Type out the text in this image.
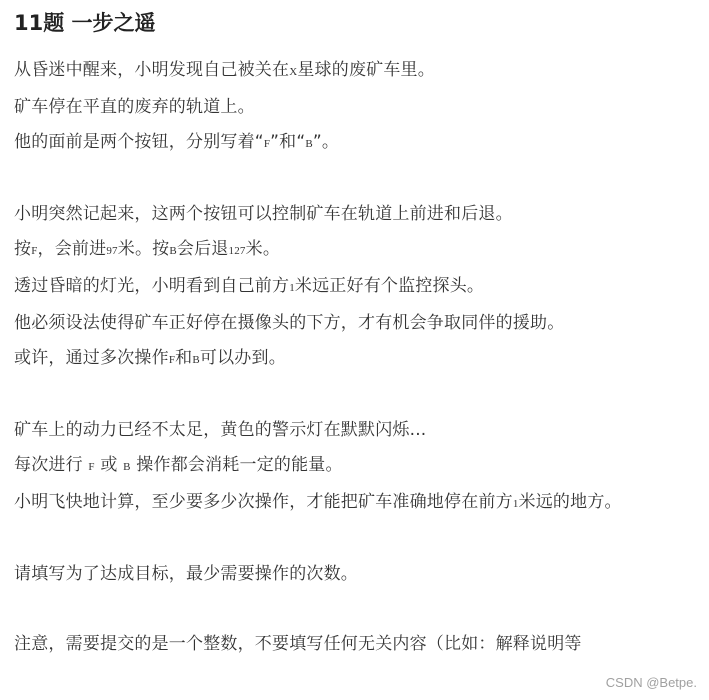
11题 一步之遥
从昏迷中醒来，小明发现自己被关在X星球的废矿车里。
矿车停在平直的废弃的轨道上。
他的面前是两个按钮，分别写着“F”和“B”。
小明突然记起来，这两个按钮可以控制矿车在轨道上前进和后退。
按F，会前进97米。按B会后退127米。
透过昏暗的灯光，小明看到自己前方1米远正好有个监控探头。
他必须设法使得矿车正好停在摄像头的下方，才有机会争取同伴的援助。
或许，通过多次操作F和B可以办到。
矿车上的动力已经不太足，黄色的警示灯在默默闪烁...
每次进行 F 或 B 操作都会消耗一定的能量。
小明飞快地计算，至少要多少次操作，才能把矿车准确地停在前方1米远的地方。
请填写为了达成目标，最少需要操作的次数。
注意，需要提交的是一个整数，不要填写任何无关内容（比如：解释说明等
CSDN @Betpe.
